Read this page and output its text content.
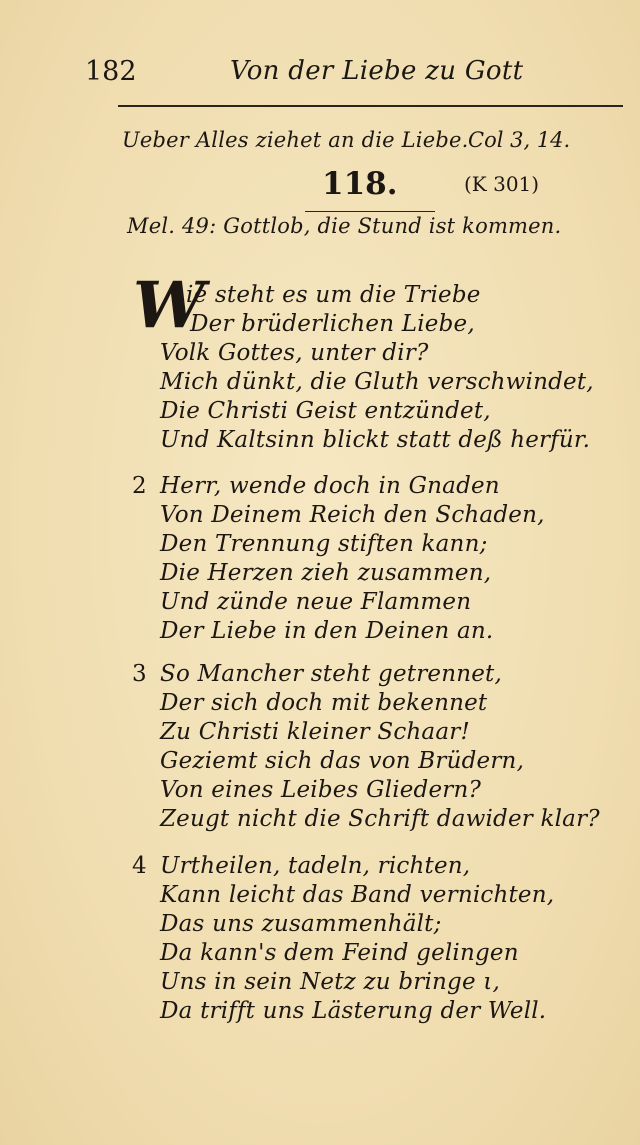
182	Von der Liebe zu Gott
Ueber Alles ziehet an die Liebe. Col 3, 14.
118.	(K 301)
Mel. 49: Gottlob, die Stund ist kommen.
W
ie steht es um die Triebe
Der brüderlichen Liebe,
Volk Gottes, unter dir?
Mich dünkt, die Gluth verschwindet,
Die Christi Geist entzündet,
Und Kaltsinn blickt statt deß herfür.
2 Herr, wende doch in Gnaden
Von Deinem Reich den Schaden,
Den Trennung stiften kann;
Die Herzen zieh zusammen,
Und zünde neue Flammen
Der Liebe in den Deinen an.
3 So Mancher steht getrennet,
Der sich doch mit bekennet
Zu Christi kleiner Schaar!
Geziemt sich das von Brüdern,
Von eines Leibes Gliedern?
Zeugt nicht die Schrift dawider klar?
4 Urtheilen, tadeln, richten,
Kann leicht das Band vernichten,
Das uns zusammenhält;
Da kann's dem Feind gelingen
Uns in sein Netz zu bringe ι,
Da trifft uns Lästerung der Well.
